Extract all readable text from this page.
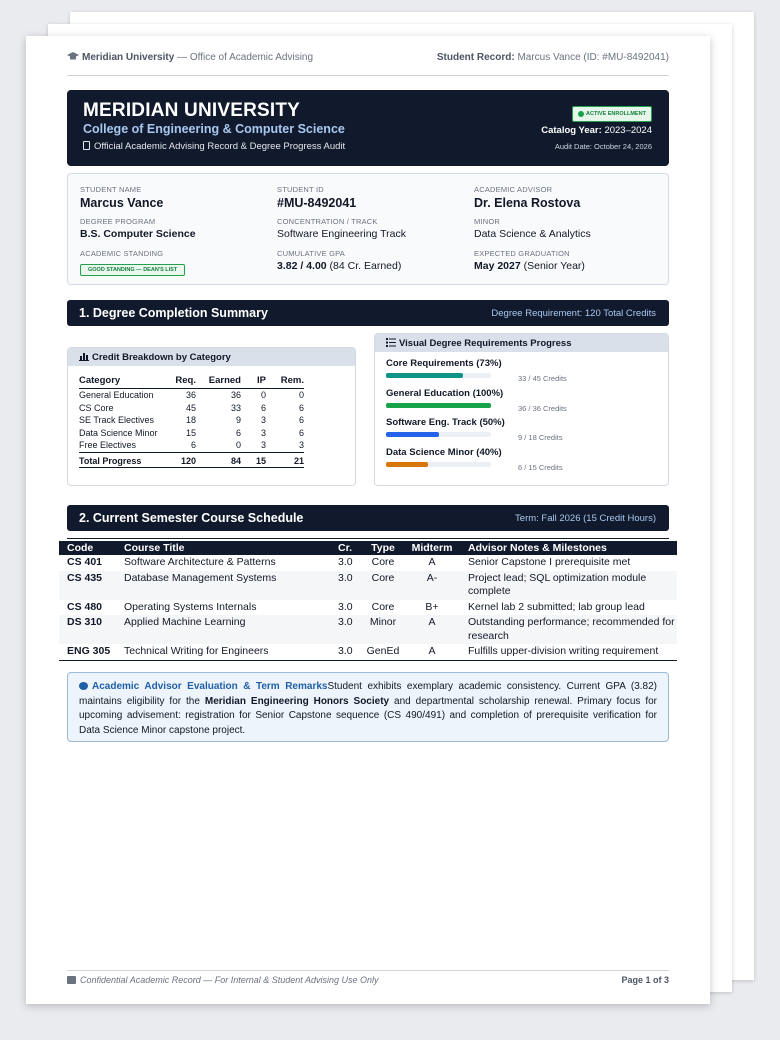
Meridian University — Office of Academic Advising	Student Record: Marcus Vance (ID: #MU-8492041)
MERIDIAN UNIVERSITY
College of Engineering & Computer Science
Official Academic Advising Record & Degree Progress Audit
ACTIVE ENROLLMENT
Catalog Year: 2023–2024
Audit Date: October 24, 2026
STUDENT NAME
Marcus Vance
STUDENT ID
#MU-8492041
ACADEMIC ADVISOR
Dr. Elena Rostova
DEGREE PROGRAM
B.S. Computer Science
CONCENTRATION / TRACK
Software Engineering Track
MINOR
Data Science & Analytics
ACADEMIC STANDING
GOOD STANDING — DEAN'S LIST
CUMULATIVE GPA
3.82 / 4.00 (84 Cr. Earned)
EXPECTED GRADUATION
May 2027 (Senior Year)
1. Degree Completion Summary	Degree Requirement: 120 Total Credits
Credit Breakdown by Category
Category	Req.	Earned	IP	Rem.
General Education	36	36	0	0
CS Core	45	33	6	6
SE Track Electives	18	9	3	6
Data Science Minor	15	6	3	6
Free Electives	6	0	3	3
Total Progress	120	84	15	21
Visual Degree Requirements Progress
Core Requirements (73%)
33 / 45 Credits
General Education (100%)
36 / 36 Credits
Software Eng. Track (50%)
9 / 18 Credits
Data Science Minor (40%)
6 / 15 Credits
2. Current Semester Course Schedule	Term: Fall 2026 (15 Credit Hours)
Code	Course Title	Cr.	Type	Midterm	Advisor Notes & Milestones
CS 401	Software Architecture & Patterns	3.0	Core	A	Senior Capstone I prerequisite met
CS 435	Database Management Systems	3.0	Core	A-	Project lead; SQL optimization module complete
CS 480	Operating Systems Internals	3.0	Core	B+	Kernel lab 2 submitted; lab group lead
DS 310	Applied Machine Learning	3.0	Minor	A	Outstanding performance; recommended for research
ENG 305	Technical Writing for Engineers	3.0	GenEd	A	Fulfills upper-division writing requirement
Academic Advisor Evaluation & Term RemarksStudent exhibits exemplary academic consistency. Current GPA (3.82) maintains eligibility for the Meridian Engineering Honors Society and departmental scholarship renewal. Primary focus for upcoming advisement: registration for Senior Capstone sequence (CS 490/491) and completion of prerequisite verification for Data Science Minor capstone project.
Confidential Academic Record — For Internal & Student Advising Use Only	Page 1 of 3
